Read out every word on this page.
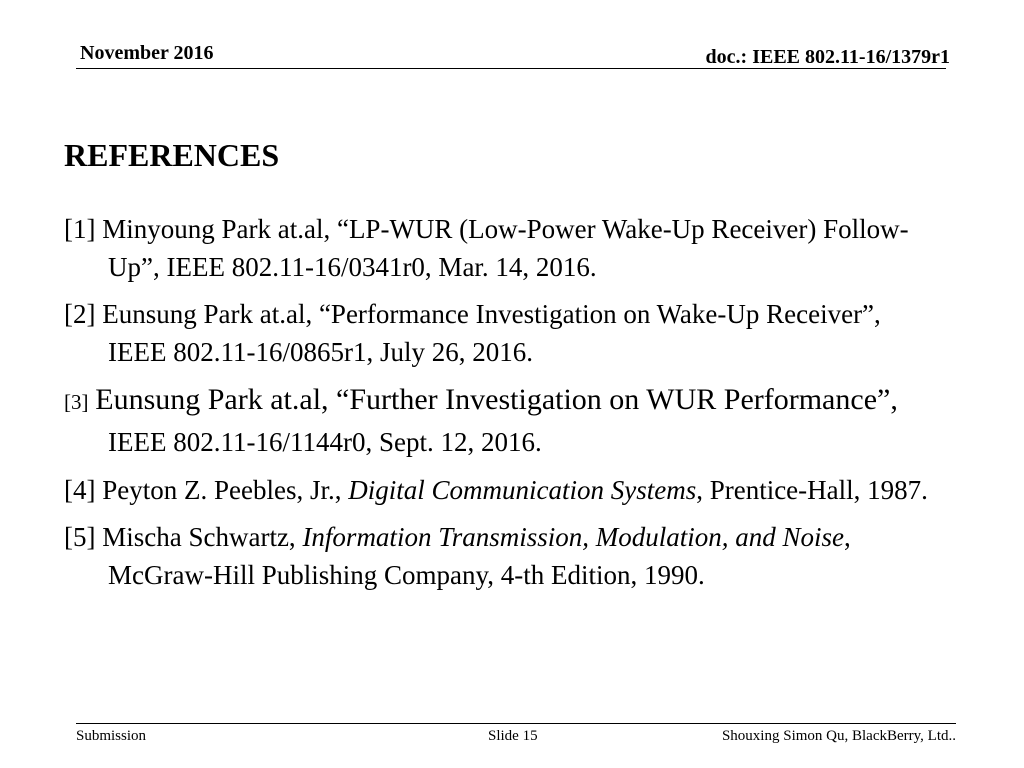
November 2016	doc.: IEEE 802.11-16/1379r1
REFERENCES
[1] Minyoung Park at.al, “LP-WUR (Low-Power Wake-Up Receiver) Follow-Up”, IEEE 802.11-16/0341r0, Mar. 14, 2016.
[2] Eunsung Park at.al, “Performance Investigation on Wake-Up Receiver”, IEEE 802.11-16/0865r1, July 26, 2016.
[3] Eunsung Park at.al, “Further Investigation on WUR Performance”, IEEE 802.11-16/1144r0, Sept. 12, 2016.
[4] Peyton Z. Peebles, Jr., Digital Communication Systems, Prentice-Hall, 1987.
[5] Mischa Schwartz, Information Transmission, Modulation, and Noise, McGraw-Hill Publishing Company, 4-th Edition, 1990.
Submission	Slide 15	Shouxing Simon Qu, BlackBerry, Ltd..
